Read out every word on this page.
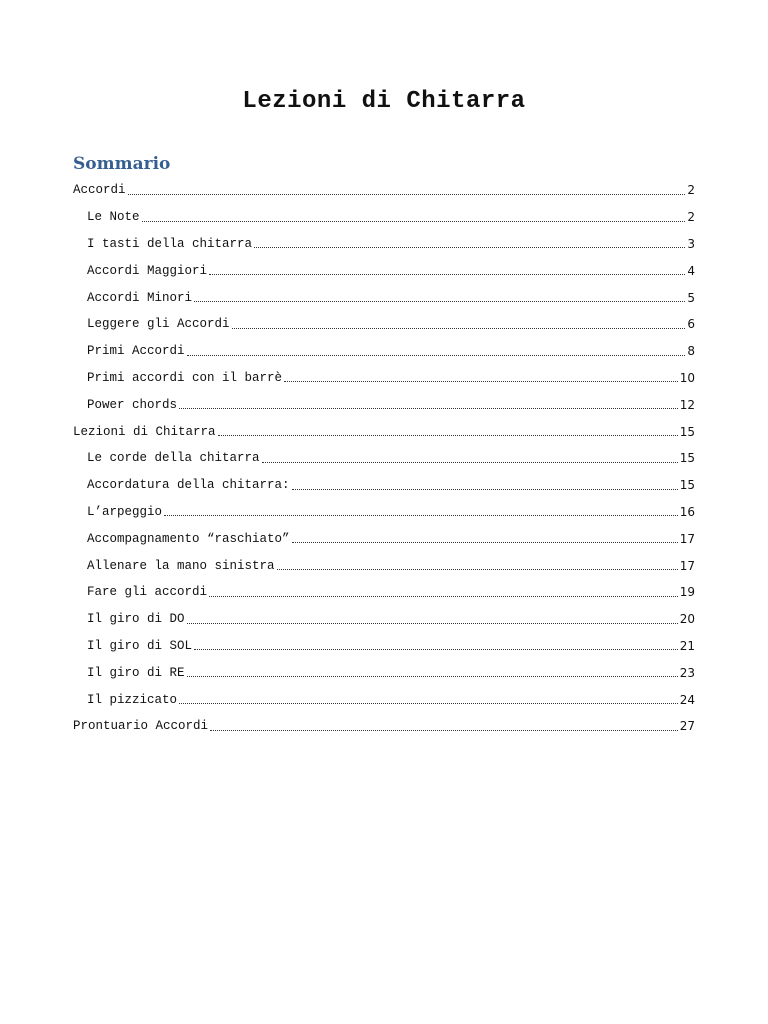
Lezioni di Chitarra
Sommario
Accordi	2
Le Note	2
I tasti della chitarra	3
Accordi Maggiori	4
Accordi Minori	5
Leggere gli Accordi	6
Primi Accordi	8
Primi accordi con il barrè	10
Power chords	12
Lezioni di Chitarra	15
Le corde della chitarra	15
Accordatura della chitarra:	15
L’arpeggio	16
Accompagnamento “raschiato”	17
Allenare la mano sinistra	17
Fare gli accordi	19
Il giro di DO	20
Il giro di SOL	21
Il giro di RE	23
Il pizzicato	24
Prontuario Accordi	27
